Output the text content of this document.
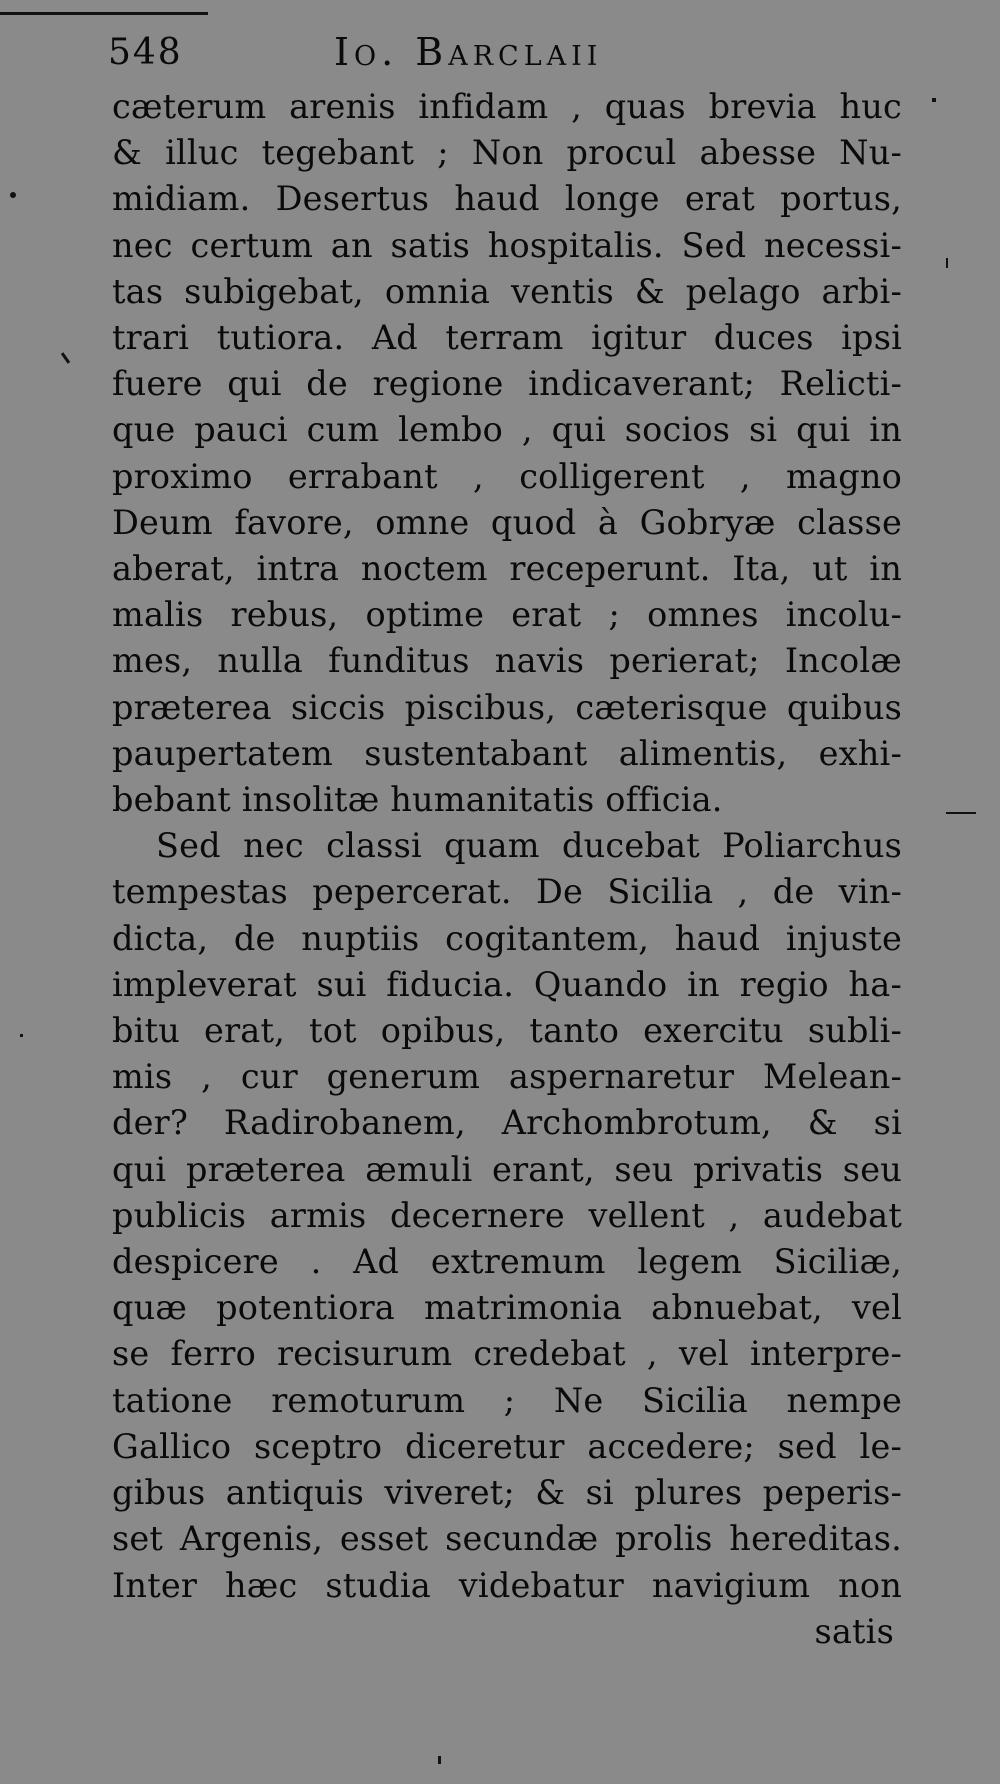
548	Io. Barclaii
cæterum arenis infidam , quas brevia huc
& illuc tegebant ; Non procul abesse Nu-
midiam. Desertus haud longe erat portus,
nec certum an satis hospitalis. Sed necessi-
tas subigebat, omnia ventis & pelago arbi-
trari tutiora. Ad terram igitur duces ipsi
fuere qui de regione indicaverant; Relicti-
que pauci cum lembo , qui socios si qui in
proximo errabant , colligerent , magno
Deum favore, omne quod à Gobryæ classe
aberat, intra noctem receperunt. Ita, ut in
malis rebus, optime erat ; omnes incolu-
mes, nulla funditus navis perierat; Incolæ
præterea siccis piscibus, cæterisque quibus
paupertatem sustentabant alimentis, exhi-
bebant insolitæ humanitatis officia.
Sed nec classi quam ducebat Poliarchus
tempestas pepercerat. De Sicilia , de vin-
dicta, de nuptiis cogitantem, haud injuste
impleverat sui fiducia. Quando in regio ha-
bitu erat, tot opibus, tanto exercitu subli-
mis , cur generum aspernaretur Melean-
der? Radirobanem, Archombrotum, & si
qui præterea æmuli erant, seu privatis seu
publicis armis decernere vellent , audebat
despicere . Ad extremum legem Siciliæ,
quæ potentiora matrimonia abnuebat, vel
se ferro recisurum credebat , vel interpre-
tatione remoturum ; Ne Sicilia nempe
Gallico sceptro diceretur accedere; sed le-
gibus antiquis viveret; & si plures peperis-
set Argenis, esset secundæ prolis hereditas.
Inter hæc studia videbatur navigium non
satis
